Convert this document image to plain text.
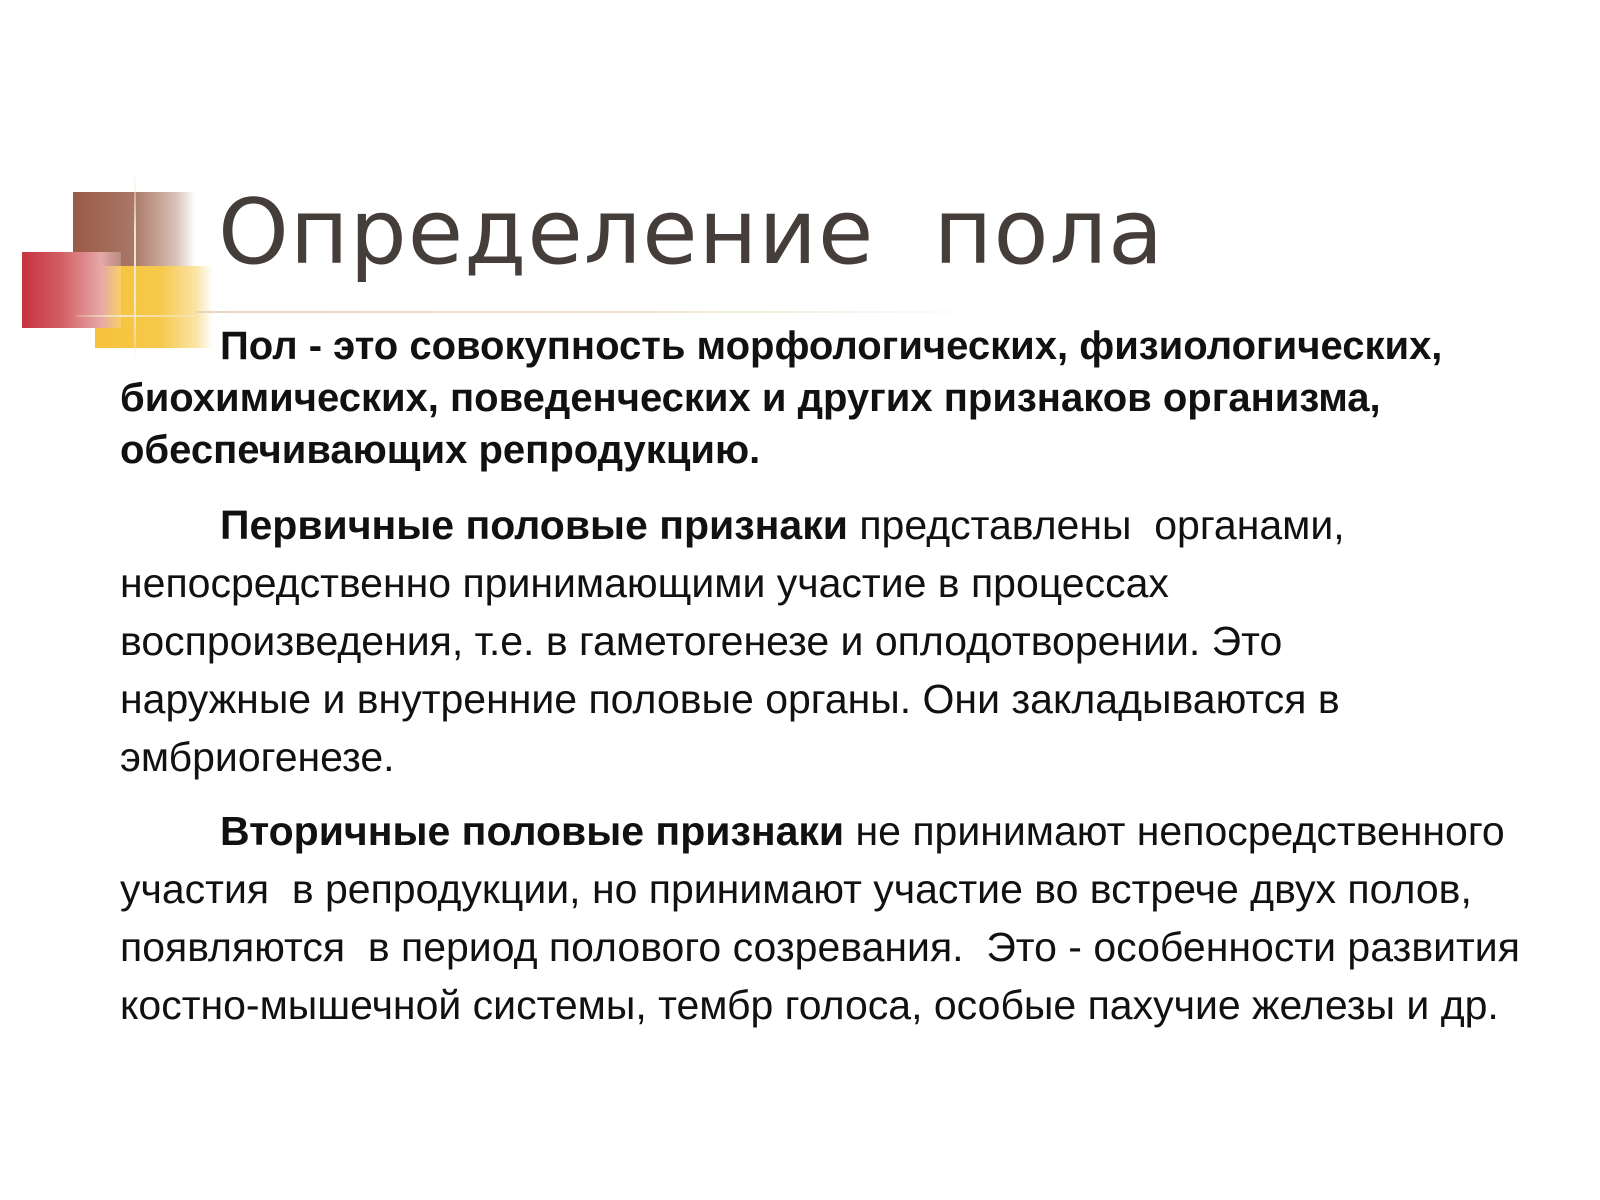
Определение  пола

Пол - это совокупность морфологических, физиологических, биохимических, поведенческих и других признаков организма, обеспечивающих репродукцию.

Первичные половые признаки представлены  органами, непосредственно принимающими участие в процессах воспроизведения, т.е. в гаметогенезе и оплодотворении. Это наружные и внутренние половые органы. Они закладываются в эмбриогенезе.

Вторичные половые признаки не принимают непосредственного участия  в репродукции, но принимают участие во встрече двух полов, появляются  в период полового созревания.  Это - особенности развития костно-мышечной системы, тембр голоса, особые пахучие железы и др.
